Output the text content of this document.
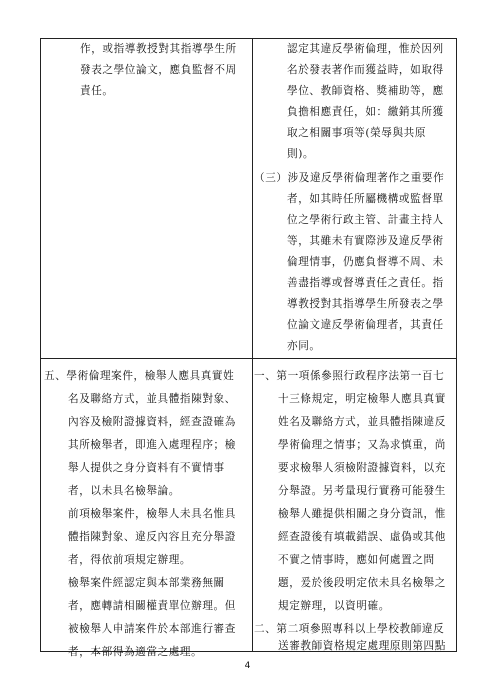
作，或指導教授對其指導學生所
發表之學位論文，應負監督不周
責任。
認定其違反學術倫理，惟於因列
名於發表著作而獲益時，如取得
學位、教師資格、獎補助等，應
負擔相應責任，如：繳銷其所獲
取之相關事項等(榮辱與共原
則)。
（三）涉及違反學術倫理著作之重要作
者，如其時任所屬機構或監督單
位之學術行政主管、計畫主持人
等，其雖未有實際涉及違反學術
倫理情事，仍應負督導不周、未
善盡指導或督導責任之責任。指
導教授對其指導學生所發表之學
位論文違反學術倫理者，其責任
亦同。
五、學術倫理案件，檢舉人應具真實姓
名及聯絡方式，並具體指陳對象、
內容及檢附證據資料，經查證確為
其所檢舉者，即進入處理程序；檢
舉人提供之身分資料有不實情事
者，以未具名檢舉論。
前項檢舉案件，檢舉人未具名惟具
體指陳對象、違反內容且充分舉證
者，得依前項規定辦理。
檢舉案件經認定與本部業務無關
者，應轉請相關權責單位辦理。但
被檢舉人申請案件於本部進行審查
者，本部得為適當之處理。
一、第一項係參照行政程序法第一百七
十三條規定，明定檢舉人應具真實
姓名及聯絡方式，並具體指陳違反
學術倫理之情事；又為求慎重，尚
要求檢舉人須檢附證據資料，以充
分舉證。另考量現行實務可能發生
檢舉人雖提供相關之身分資訊，惟
經查證後有填載錯誤、虛偽或其他
不實之情事時，應如何處置之問
題，爰於後段明定依未具名檢舉之
規定辦理，以資明確。
二、第二項參照專科以上學校教師違反
送審教師資格規定處理原則第四點
4
